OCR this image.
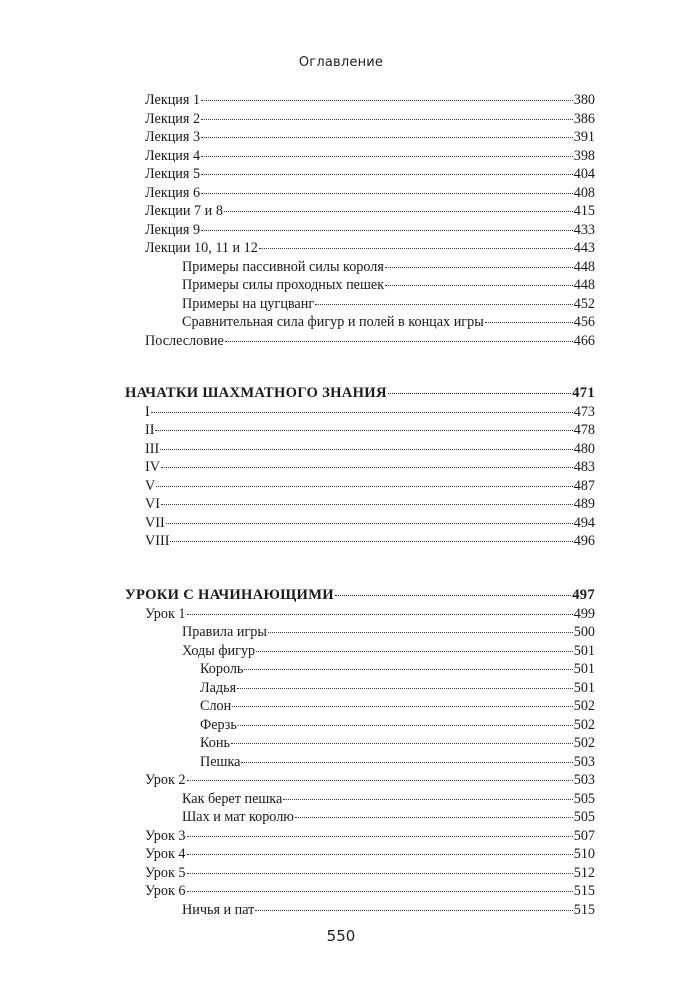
Оглавление
Лекция 1	380
Лекция 2	386
Лекция 3	391
Лекция 4	398
Лекция 5	404
Лекция 6	408
Лекции 7 и 8	415
Лекция 9	433
Лекции 10, 11 и 12	443
Примеры пассивной силы короля	448
Примеры силы проходных пешек	448
Примеры на цугцванг	452
Сравнительная сила фигур и полей в концах игры	456
Послесловие	466
НАЧАТКИ ШАХМАТНОГО ЗНАНИЯ	471
I	473
II	478
III	480
IV	483
V	487
VI	489
VII	494
VIII	496
УРОКИ С НАЧИНАЮЩИМИ	497
Урок 1	499
Правила игры	500
Ходы фигур	501
Король	501
Ладья	501
Слон	502
Ферзь	502
Конь	502
Пешка	503
Урок 2	503
Как берет пешка	505
Шах и мат королю	505
Урок 3	507
Урок 4	510
Урок 5	512
Урок 6	515
Ничья и пат	515
550
